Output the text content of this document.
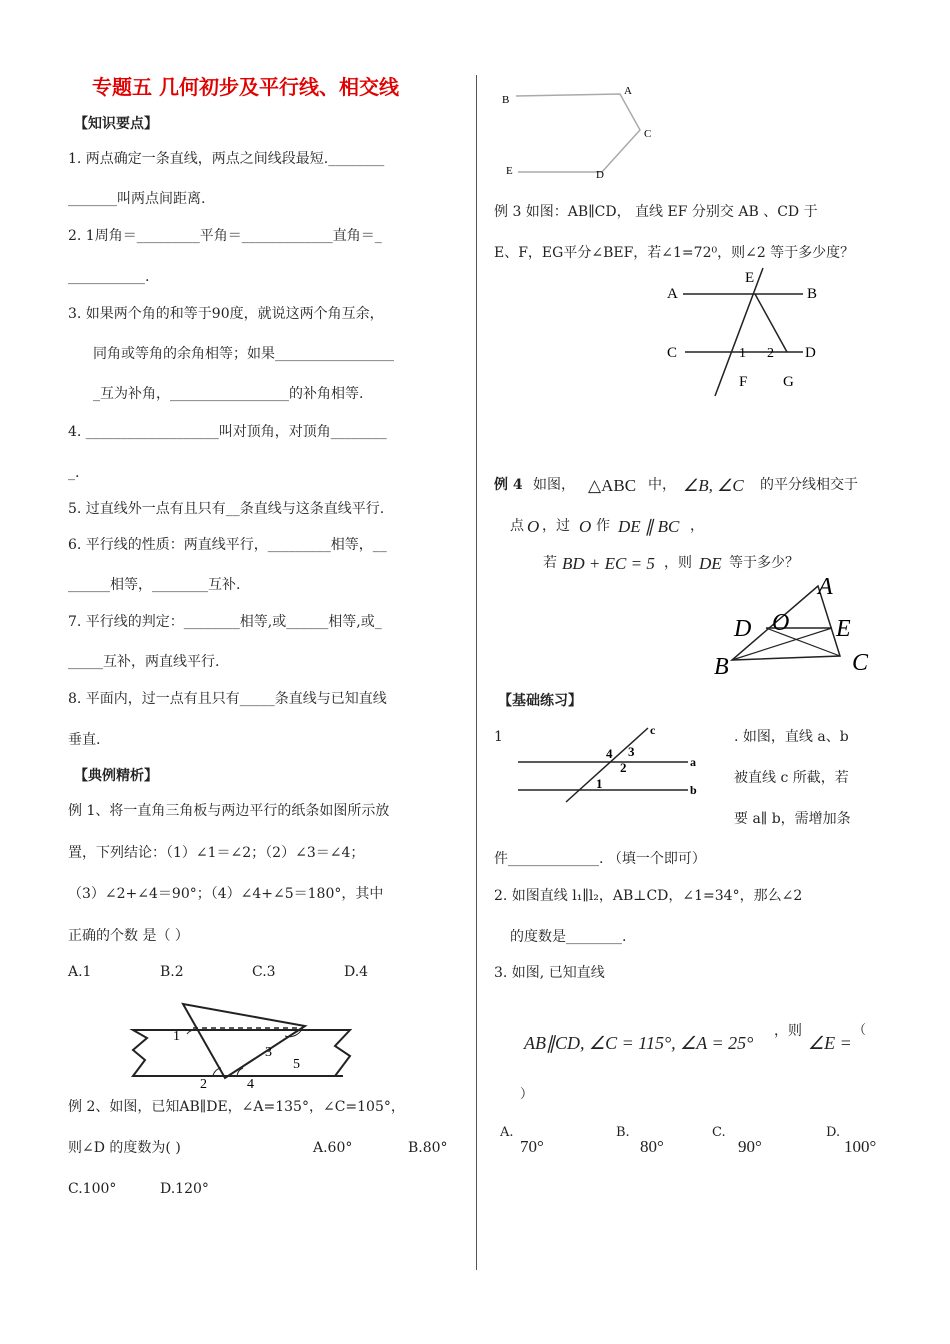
专题五 几何初步及平行线、相交线
【知识要点】
1. 两点确定一条直线，两点之间线段最短.________
_______叫两点间距离.
2. 1周角＝_________平角＝_____________直角＝_
___________.
3. 如果两个角的和等于90度，就说这两个角互余，
同角或等角的余角相等；如果_________________
_互为补角，_________________的补角相等.
4. ___________________叫对顶角，对顶角________
_.
5. 过直线外一点有且只有__条直线与这条直线平行.
6. 平行线的性质：两直线平行，_________相等，__
______相等，________互补.
7. 平行线的判定：________相等,或______相等,或_
_____互补，两直线平行.
8. 平面内，过一点有且只有_____条直线与已知直线
垂直.
【典例精析】
例 1、将一直角三角板与两边平行的纸条如图所示放
置，下列结论：（1）∠1＝∠2；（2）∠3＝∠4；
（3）∠2+∠4＝90°；（4）∠4+∠5＝180°，其中
正确的个数 是（ ）
A.1	B.2	C.3	D.4
1
3
5
2	4
例 2、如图，已知AB∥DE，∠A=135°，∠C=105°，
则∠D 的度数为( )	A.60°	B.80°
C.100°	D.120°
B
A
C
E	D
例 3 如图：AB∥CD， 直线 EF 分别交 AB 、CD 于
E、F，EG平分∠BEF，若∠1=72⁰，则∠2 等于多少度？
A	B
E
C	D
1 2
F G
例 4 如图， △ABC 中， ∠B, ∠C 的平分线相交于
点 O ，过 O 作 DE ∥ BC ，
若 BD + EC = 5 ，则 DE 等于多少？
A
D O E
B	C
【基础练习】
1	c
a
b
4 3
2
1
. 如图，直线 a、b
被直线 c 所截，若
要 a∥ b，需增加条
件_____________. （填一个即可）
2. 如图直线 l₁∥l₂，AB⊥CD，∠1=34°，那么∠2
的度数是________.
3. 如图, 已知直线
AB∥CD, ∠C = 115°, ∠A = 25°
，则
∠E =
（
）
A.
70°
B.
80°
C.
90°
D.
100°
